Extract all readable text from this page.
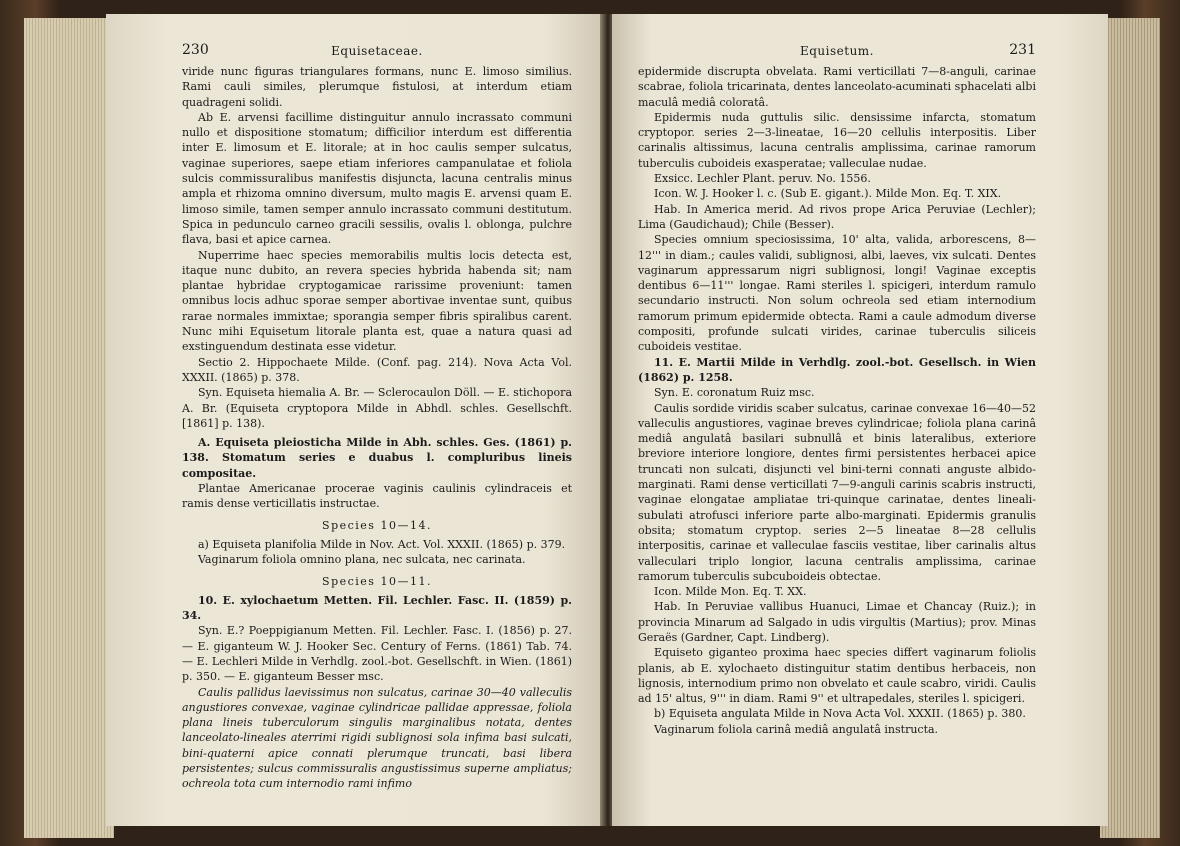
230	Equisetaceae.

viride nunc figuras triangulares formans, nunc E. limoso similius. Rami cauli similes, plerumque fistulosi, at interdum etiam quadrageni solidi.

Ab E. arvensi facillime distinguitur annulo incrassato communi nullo et dispositione stomatum; difficilior interdum est differentia inter E. limosum et E. litorale; at in hoc caulis semper sulcatus, vaginae superiores, saepe etiam inferiores campanulatae et foliola sulcis commissuralibus manifestis disjuncta, lacuna centralis minus ampla et rhizoma omnino diversum, multo magis E. arvensi quam E. limoso simile, tamen semper annulo incrassato communi destitutum. Spica in pedunculo carneo gracili sessilis, ovalis l. oblonga, pulchre flava, basi et apice carnea.

Nuperrime haec species memorabilis multis locis detecta est, itaque nunc dubito, an revera species hybrida habenda sit; nam plantae hybridae cryptogamicae rarissime proveniunt: tamen omnibus locis adhuc sporae semper abortivae inventae sunt, quibus rarae normales immixtae; sporangia semper fibris spiralibus carent. Nunc mihi Equisetum litorale planta est, quae a natura quasi ad exstinguendum destinata esse videtur.

Sectio 2. Hippochaete Milde. (Conf. pag. 214). Nova Acta Vol. XXXII. (1865) p. 378.

Syn. Equiseta hiemalia A. Br. — Sclerocaulon Döll. — E. stichopora A. Br. (Equiseta cryptopora Milde in Abhdl. schles. Gesellschft. [1861] p. 138).

A. Equiseta pleiosticha Milde in Abh. schles. Ges. (1861) p. 138. Stomatum series e duabus l. compluribus lineis compositae.

Plantae Americanae procerae vaginis caulinis cylindraceis et ramis dense verticillatis instructae.

Species 10—14.

a) Equiseta planifolia Milde in Nov. Act. Vol. XXXII. (1865) p. 379.

Vaginarum foliola omnino plana, nec sulcata, nec carinata.

Species 10—11.

10. E. xylochaetum Metten. Fil. Lechler. Fasc. II. (1859) p. 34.

Syn. E.? Poeppigianum Metten. Fil. Lechler. Fasc. I. (1856) p. 27. — E. giganteum W. J. Hooker Sec. Century of Ferns. (1861) Tab. 74. — E. Lechleri Milde in Verhdlg. zool.-bot. Gesellschft. in Wien. (1861) p. 350. — E. giganteum Besser msc.

Caulis pallidus laevissimus non sulcatus, carinae 30—40 valleculis angustiores convexae, vaginae cylindricae pallidae appressae, foliola plana lineis tuberculorum singulis marginalibus notata, dentes lanceolato-lineales aterrimi rigidi sublignosi sola infima basi sulcati, bini-quaterni apice connati plerumque truncati, basi libera persistentes; sulcus commissuralis angustissimus superne ampliatus; ochreola tota cum internodio rami infimo

Equisetum.	231

epidermide discrupta obvelata. Rami verticillati 7—8-anguli, carinae scabrae, foliola tricarinata, dentes lanceolato-acuminati sphacelati albi maculâ mediâ coloratâ.

Epidermis nuda guttulis silic. densissime infarcta, stomatum cryptopor. series 2—3-lineatae, 16—20 cellulis interpositis. Liber carinalis altissimus, lacuna centralis amplissima, carinae ramorum tuberculis cuboideis exasperatae; valleculae nudae.

Exsicc. Lechler Plant. peruv. No. 1556.

Icon. W. J. Hooker l. c. (Sub E. gigant.). Milde Mon. Eq. T. XIX.

Hab. In America merid. Ad rivos prope Arica Peruviae (Lechler); Lima (Gaudichaud); Chile (Besser).

Species omnium speciosissima, 10' alta, valida, arborescens, 8—12''' in diam.; caules validi, sublignosi, albi, laeves, vix sulcati. Dentes vaginarum appressarum nigri sublignosi, longi! Vaginae exceptis dentibus 6—11''' longae. Rami steriles l. spicigeri, interdum ramulo secundario instructi. Non solum ochreola sed etiam internodium ramorum primum epidermide obtecta. Rami a caule admodum diverse compositi, profunde sulcati virides, carinae tuberculis siliceis cuboideis vestitae.

11. E. Martii Milde in Verhdlg. zool.-bot. Gesellsch. in Wien (1862) p. 1258.

Syn. E. coronatum Ruiz msc.

Caulis sordide viridis scaber sulcatus, carinae convexae 16—40—52 valleculis angustiores, vaginae breves cylindricae; foliola plana carinâ mediâ angulatâ basilari subnullâ et binis lateralibus, exteriore breviore interiore longiore, dentes firmi persistentes herbacei apice truncati non sulcati, disjuncti vel bini-terni connati anguste albido-marginati. Rami dense verticillati 7—9-anguli carinis scabris instructi, vaginae elongatae ampliatae tri-quinque carinatae, dentes lineali-subulati atrofusci inferiore parte albo-marginati. Epidermis granulis obsita; stomatum cryptop. series 2—5 lineatae 8—28 cellulis interpositis, carinae et valleculae fasciis vestitae, liber carinalis altus valleculari triplo longior, lacuna centralis amplissima, carinae ramorum tuberculis subcuboideis obtectae.

Icon. Milde Mon. Eq. T. XX.

Hab. In Peruviae vallibus Huanuci, Limae et Chancay (Ruiz.); in provincia Minarum ad Salgado in udis virgultis (Martius); prov. Minas Geraës (Gardner, Capt. Lindberg).

Equiseto giganteo proxima haec species differt vaginarum foliolis planis, ab E. xylochaeto distinguitur statim dentibus herbaceis, non lignosis, internodium primo non obvelato et caule scabro, viridi. Caulis ad 15' altus, 9''' in diam. Rami 9'' et ultrapedales, steriles l. spicigeri.

b) Equiseta angulata Milde in Nova Acta Vol. XXXII. (1865) p. 380.

Vaginarum foliola carinâ mediâ angulatâ instructa.
